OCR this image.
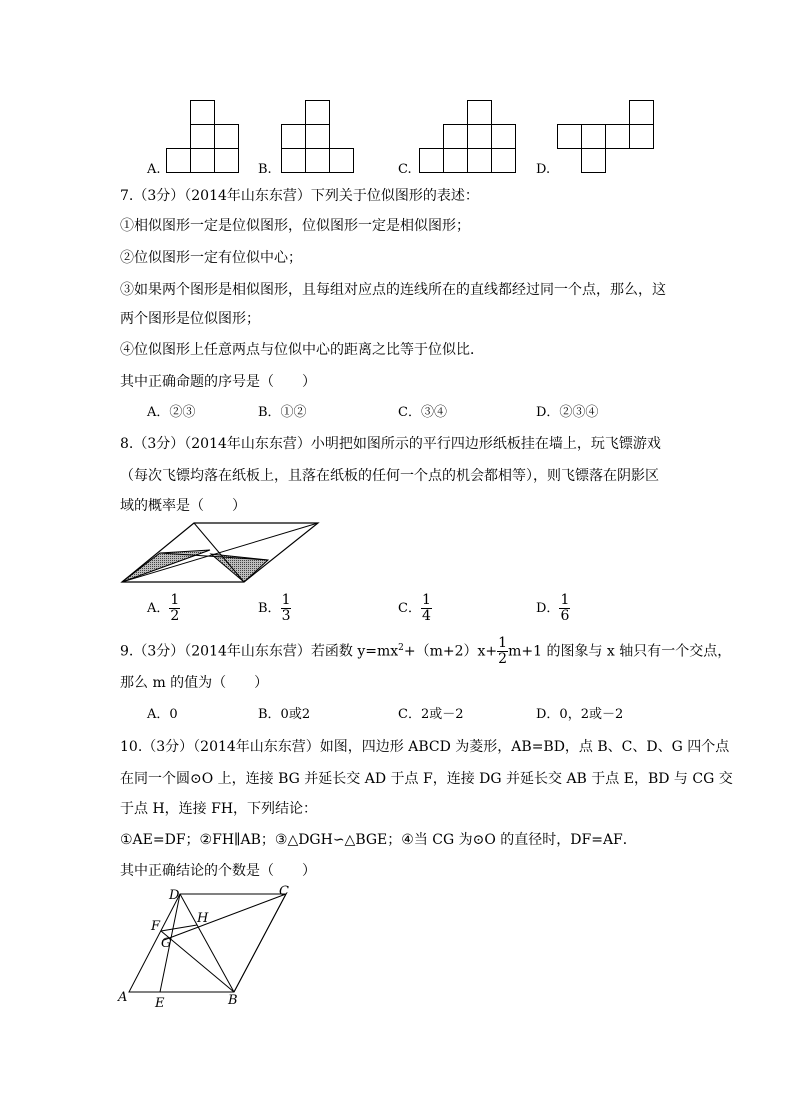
A.	B.	C.	D.
7.（3分）（2014年山东东营）下列关于位似图形的表述：
①相似图形一定是位似图形，位似图形一定是相似图形；
②位似图形一定有位似中心；
③如果两个图形是相似图形，且每组对应点的连线所在的直线都经过同一个点，那么，这
两个图形是位似图形；
④位似图形上任意两点与位似中心的距离之比等于位似比．
其中正确命题的序号是（　　）
A．②③	B．①②	C．③④	D．②③④
8.（3分）（2014年山东东营）小明把如图所示的平行四边形纸板挂在墙上，玩飞镖游戏
（每次飞镖均落在纸板上，且落在纸板的任何一个点的机会都相等），则飞镖落在阴影区
域的概率是（　　）
A． $\frac{1}{2}$	B． $\frac{1}{3}$	C． $\frac{1}{4}$	D． $\frac{1}{6}$
9.（3分）（2014年山东东营）若函数 $y=mx^2+(m+2)x+ \frac{1}{2} m+1$ 的图象与 x 轴只有一个交点，
那么 m 的值为（　　）
A．0	B．0或2	C．2或－2	D．0，2或－2
10.（3分）（2014年山东东营）如图，四边形 ABCD 为菱形，AB=BD，点 B、C、D、G 四个点
在同一个圆⊙O 上，连接 BG 并延长交 AD 于点 F，连接 DG 并延长交 AB 于点 E，BD 与 CG 交
于点 H，连接 FH，下列结论：
①AE=DF；②FH∥AB；③△DGH∽△BGE；④当 CG 为⊙O 的直径时，DF=AF．
其中正确结论的个数是（　　）
A	B
C
D
E
F
G
H
